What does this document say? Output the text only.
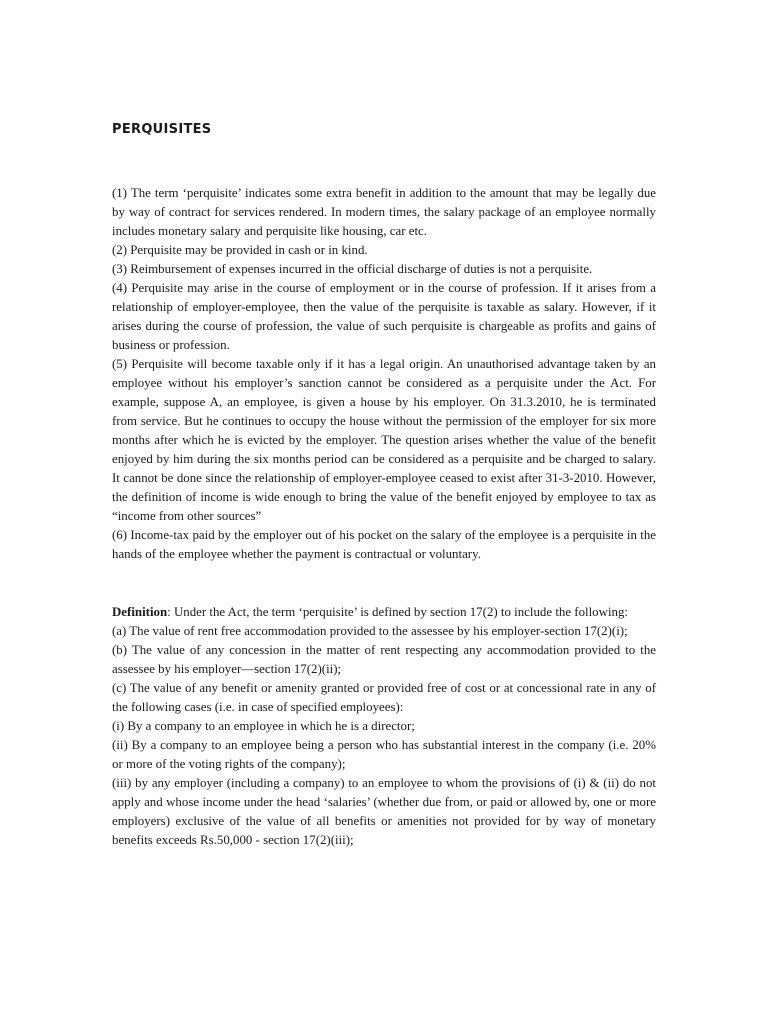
PERQUISITES

(1) The term ‘perquisite’ indicates some extra benefit in addition to the amount that may be legally due by way of contract for services rendered. In modern times, the salary package of an employee normally includes monetary salary and perquisite like housing, car etc.

(2) Perquisite may be provided in cash or in kind.

(3) Reimbursement of expenses incurred in the official discharge of duties is not a perquisite.

(4) Perquisite may arise in the course of employment or in the course of profession. If it arises from a relationship of employer-employee, then the value of the perquisite is taxable as salary. However, if it arises during the course of profession, the value of such perquisite is chargeable as profits and gains of business or profession.

(5) Perquisite will become taxable only if it has a legal origin. An unauthorised advantage taken by an employee without his employer’s sanction cannot be considered as a perquisite under the Act. For example, suppose A, an employee, is given a house by his employer. On 31.3.2010, he is terminated from service. But he continues to occupy the house without the permission of the employer for six more months after which he is evicted by the employer. The question arises whether the value of the benefit enjoyed by him during the six months period can be considered as a perquisite and be charged to salary. It cannot be done since the relationship of employer-employee ceased to exist after 31-3-2010. However, the definition of income is wide enough to bring the value of the benefit enjoyed by employee to tax as “income from other sources”

(6) Income-tax paid by the employer out of his pocket on the salary of the employee is a perquisite in the hands of the employee whether the payment is contractual or voluntary.

Definition: Under the Act, the term ‘perquisite’ is defined by section 17(2) to include the following:

(a) The value of rent free accommodation provided to the assessee by his employer-section 17(2)(i);

(b) The value of any concession in the matter of rent respecting any accommodation provided to the assessee by his employer—section 17(2)(ii);

(c) The value of any benefit or amenity granted or provided free of cost or at concessional rate in any of the following cases (i.e. in case of specified employees):

(i) By a company to an employee in which he is a director;

(ii) By a company to an employee being a person who has substantial interest in the company (i.e. 20% or more of the voting rights of the company);

(iii) by any employer (including a company) to an employee to whom the provisions of (i) & (ii) do not apply and whose income under the head ‘salaries’ (whether due from, or paid or allowed by, one or more employers) exclusive of the value of all benefits or amenities not provided for by way of monetary benefits exceeds Rs.50,000 - section 17(2)(iii);
